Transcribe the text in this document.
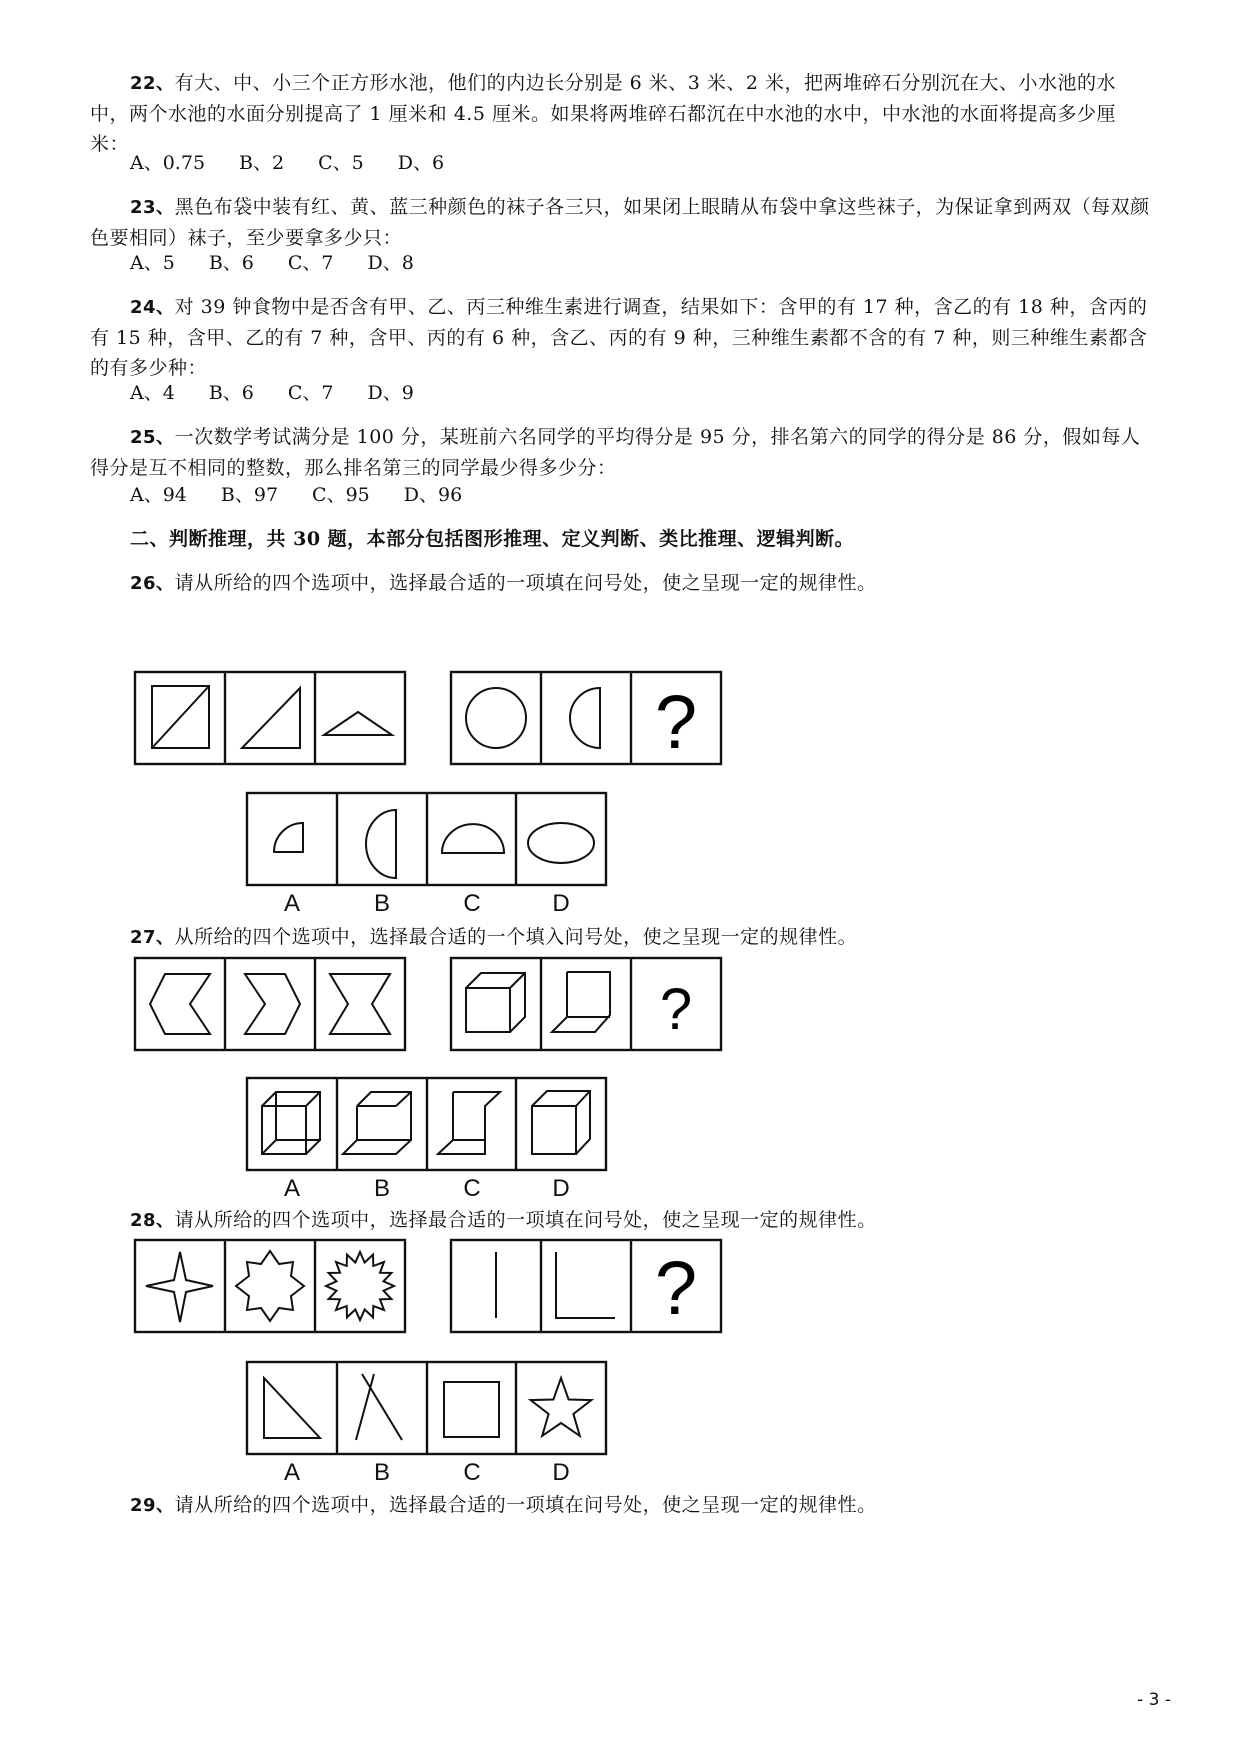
22、有大、中、小三个正方形水池，他们的内边长分别是 6 米、3 米、2 米，把两堆碎石分别沉在大、小水池的水中，两个水池的水面分别提高了 1 厘米和 4.5 厘米。如果将两堆碎石都沉在中水池的水中，中水池的水面将提高多少厘米：
A、0.75 B、2 C、5 D、6
23、黑色布袋中装有红、黄、蓝三种颜色的袜子各三只，如果闭上眼睛从布袋中拿这些袜子，为保证拿到两双（每双颜色要相同）袜子，至少要拿多少只：
A、5 B、6 C、7 D、8
24、对 39 钟食物中是否含有甲、乙、丙三种维生素进行调查，结果如下：含甲的有 17 种，含乙的有 18 种，含丙的有 15 种，含甲、乙的有 7 种，含甲、丙的有 6 种，含乙、丙的有 9 种，三种维生素都不含的有 7 种，则三种维生素都含的有多少种：
A、4 B、6 C、7 D、9
25、一次数学考试满分是 100 分，某班前六名同学的平均得分是 95 分，排名第六的同学的得分是 86 分，假如每人得分是互不相同的整数，那么排名第三的同学最少得多少分：
A、94 B、97 C、95 D、96
二、判断推理，共 30 题，本部分包括图形推理、定义判断、类比推理、逻辑判断。
26、请从所给的四个选项中，选择最合适的一项填在问号处，使之呈现一定的规律性。
?
?
?
A	B	C	D
27、从所给的四个选项中，选择最合适的一个填入问号处，使之呈现一定的规律性。
A	B	C	D
28、请从所给的四个选项中，选择最合适的一项填在问号处，使之呈现一定的规律性。
A	B	C	D
29、请从所给的四个选项中，选择最合适的一项填在问号处，使之呈现一定的规律性。
- 3 -
